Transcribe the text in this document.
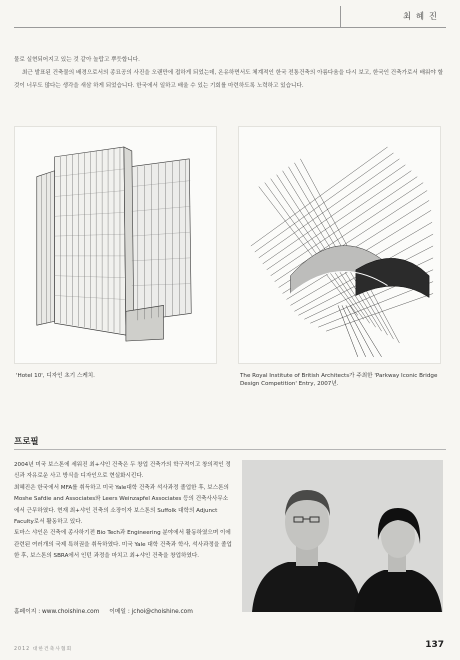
최 혜 진

물로 실현되어지고 있는 것 같아 놀랍고 뿌듯합니다.

최근 발표된 건축물의 배경으로서의 종묘공의 사진을 오랜만에 접하게 되었는데, 온유하면서도 체계적인 한국 전통건축의 아름다움을 다시 보고, 한국인 건축가로서 배워야 할 것이 너무도 많다는 생각을 새삼 하게 되었습니다. 한국에서 일하고 배울 수 있는 기회를 마련하도록 노력하고 있습니다.

'Hotel 10', 디자인 초기 스케치.	The Royal Institute of British Architects가 주최한 'Parkway Iconic Bridge Design Competition' Entry, 2007년.
프로필

2004년 미국 보스톤에 세워진 최+샤인 건축은 두 창업 건축가의 학구적이고 창의적인 정신과 자유로운 사고 방식을 디자인으로 현실화시킨다.

최혜진은 한국에서 MFA를 취득하고 미국 Yale대학 건축과 석사과정 졸업한 후, 보스톤의 Moshe Safdie and Associates와 Leers Weinzapfel Associates 등의 건축사사무소에서 근무하였다. 현재 최+샤인 건축의 소장이자 보스톤의 Suffolk 대학의 Adjunct Faculty로서 활동하고 있다.

토마스 샤인은 건축에 종사하기전 Bio Tech과 Engineering 분야에서 활동하였으며 이에 관련된 여러개의 국제 특허권을 취득하였다. 미국 Yale 대학 건축과 학사, 석사과정을 졸업한 후, 보스톤의 SBRA에서 인턴 과정을 마치고 최+샤인 건축을 창업하였다.

홈페이지 : www.choishine.com 이메일 : jchoi@choishine.com
2012 대한건축사협회	137
